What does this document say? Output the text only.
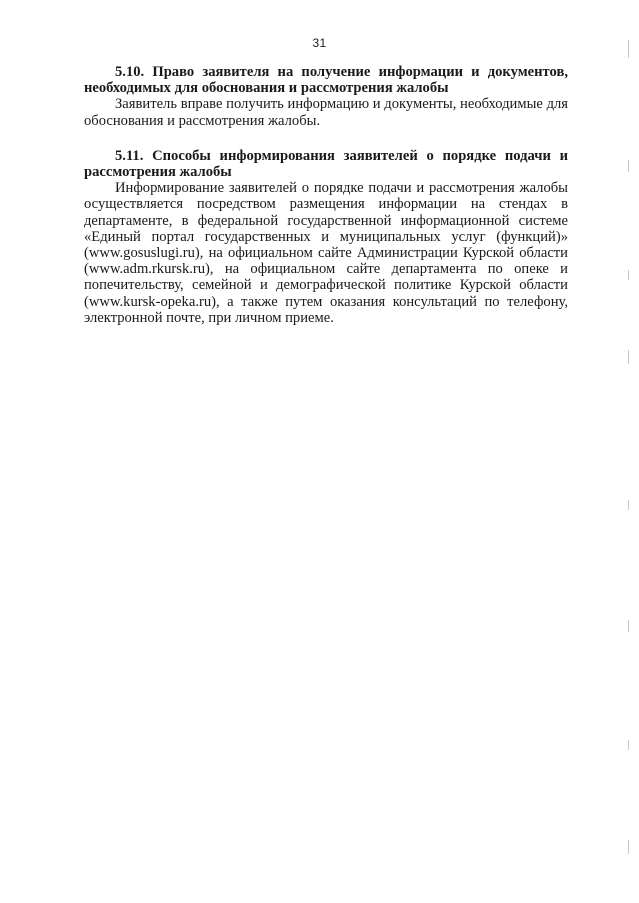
31

5.10. Право заявителя на получение информации и документов, необходимых для обоснования и рассмотрения жалобы

Заявитель вправе получить информацию и документы, необходимые для обоснования и рассмотрения жалобы.

5.11. Способы информирования заявителей о порядке подачи и рассмотрения жалобы

Информирование заявителей о порядке подачи и рассмотрения жалобы осуществляется посредством размещения информации на стендах в департаменте, в федеральной государственной информационной системе «Единый портал государственных и муниципальных услуг (функций)» (www.gosuslugi.ru), на официальном сайте Администрации Курской области (www.adm.rkursk.ru), на официальном сайте департамента по опеке и попечительству, семейной и демографической политике Курской области (www.kursk-opeka.ru), а также путем оказания консультаций по телефону, электронной почте, при личном приеме.
